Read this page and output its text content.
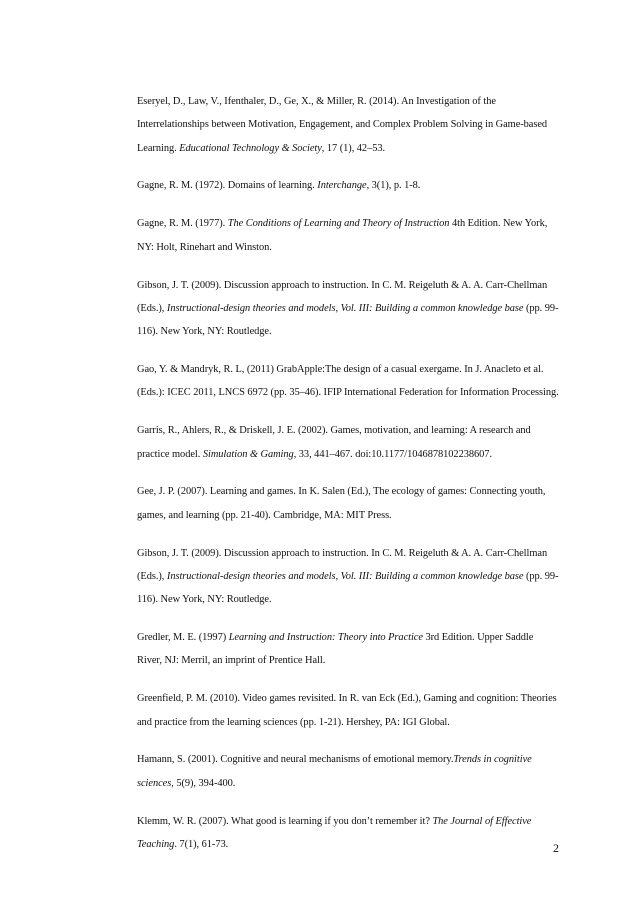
Eseryel, D., Law, V., Ifenthaler, D., Ge, X., & Miller, R. (2014). An Investigation of the Interrelationships between Motivation, Engagement, and Complex Problem Solving in Game-based Learning. Educational Technology & Society, 17 (1), 42–53.

Gagne, R. M. (1972). Domains of learning. Interchange, 3(1), p. 1-8.

Gagne, R. M. (1977). The Conditions of Learning and Theory of Instruction 4th Edition. New York, NY: Holt, Rinehart and Winston.

Gibson, J. T. (2009). Discussion approach to instruction. In C. M. Reigeluth & A. A. Carr-Chellman (Eds.), Instructional-design theories and models, Vol. III: Building a common knowledge base (pp. 99-116). New York, NY: Routledge.

Gao, Y. & Mandryk, R. L, (2011) GrabApple:The design of a casual exergame. In J. Anacleto et al. (Eds.): ICEC 2011, LNCS 6972 (pp. 35–46). IFIP International Federation for Information Processing.

Garris, R., Ahlers, R., & Driskell, J. E. (2002). Games, motivation, and learning: A research and practice model. Simulation & Gaming, 33, 441–467. doi:10.1177/1046878102238607.

Gee, J. P. (2007). Learning and games. In K. Salen (Ed.), The ecology of games: Connecting youth, games, and learning (pp. 21-40). Cambridge, MA: MIT Press.

Gibson, J. T. (2009). Discussion approach to instruction. In C. M. Reigeluth & A. A. Carr-Chellman (Eds.), Instructional-design theories and models, Vol. III: Building a common knowledge base (pp. 99-116). New York, NY: Routledge.

Gredler, M. E. (1997) Learning and Instruction: Theory into Practice 3rd Edition. Upper Saddle River, NJ: Merril, an imprint of Prentice Hall.

Greenfield, P. M. (2010). Video games revisited. In R. van Eck (Ed.), Gaming and cognition: Theories and practice from the learning sciences (pp. 1-21). Hershey, PA: IGI Global.

Hamann, S. (2001). Cognitive and neural mechanisms of emotional memory.Trends in cognitive sciences, 5(9), 394-400.

Klemm, W. R. (2007). What good is learning if you don’t remember it? The Journal of Effective Teaching. 7(1), 61-73.	2
